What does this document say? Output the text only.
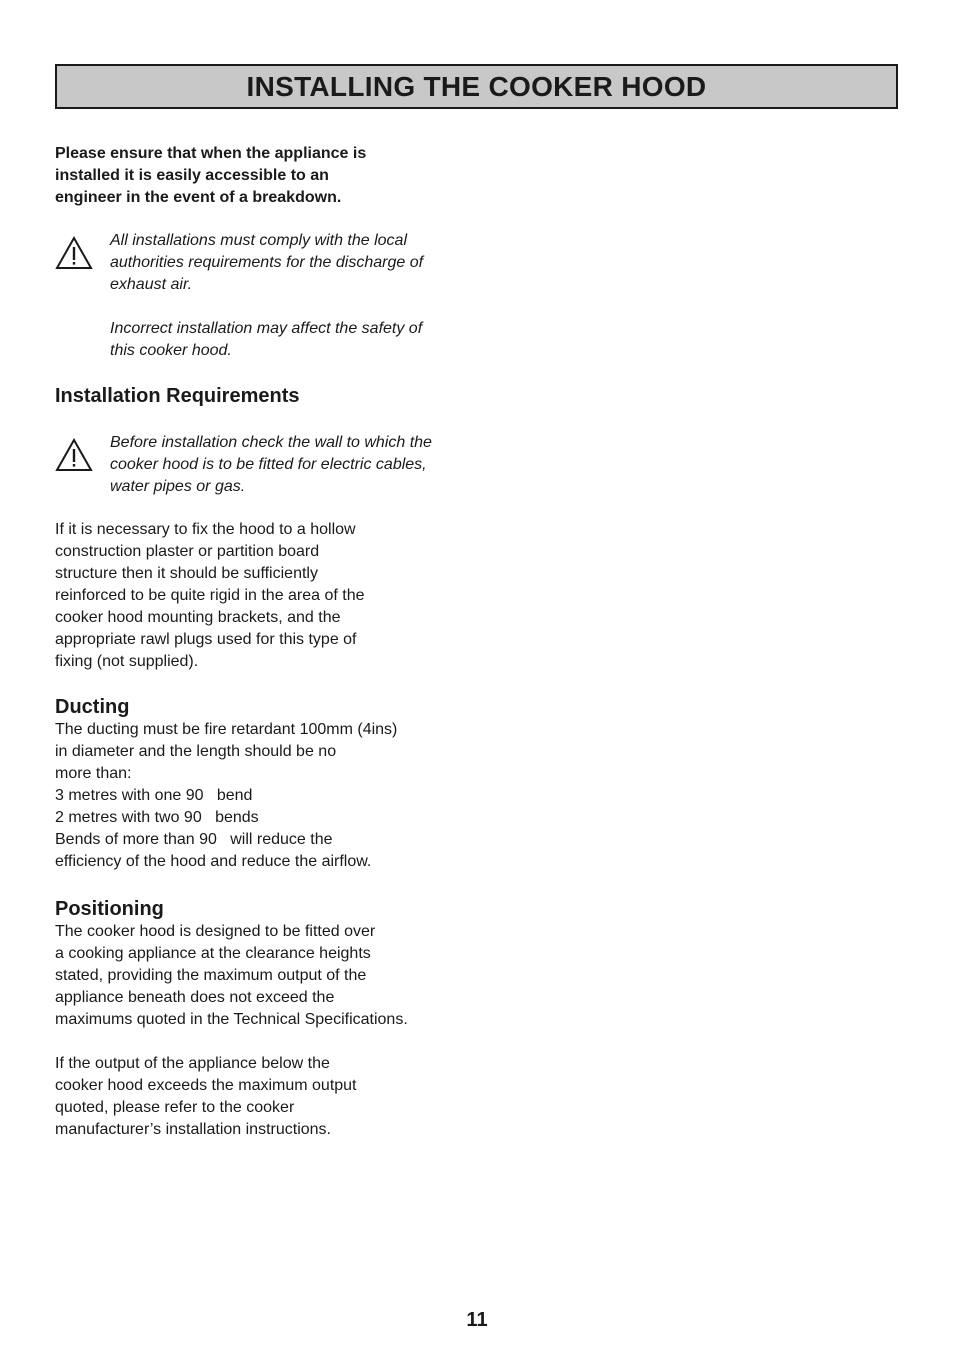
INSTALLING THE COOKER HOOD

Please ensure that when the appliance is
installed it is easily accessible to an
engineer in the event of a breakdown.

All installations must comply with the local
authorities requirements for the discharge of
exhaust air.

Incorrect installation may affect the safety of
this cooker hood.

Installation Requirements

Before installation check the wall to which the
cooker hood is to be fitted for electric cables,
water pipes or gas.

If it is necessary to fix the hood to a hollow
construction plaster or partition board
structure then it should be sufficiently
reinforced to be quite rigid in the area of the
cooker hood mounting brackets, and the
appropriate rawl plugs used for this type of
fixing (not supplied).

Ducting

The ducting must be fire retardant 100mm (4ins)
in diameter and the length should be no
more than:
3 metres with one 90   bend
2 metres with two 90   bends
Bends of more than 90   will reduce the
efficiency of the hood and reduce the airflow.

Positioning

The cooker hood is designed to be fitted over
a cooking appliance at the clearance heights
stated, providing the maximum output of the
appliance beneath does not exceed the
maximums quoted in the Technical Specifications.

If the output of the appliance below the
cooker hood exceeds the maximum output
quoted, please refer to the cooker
manufacturer’s installation instructions.

11
